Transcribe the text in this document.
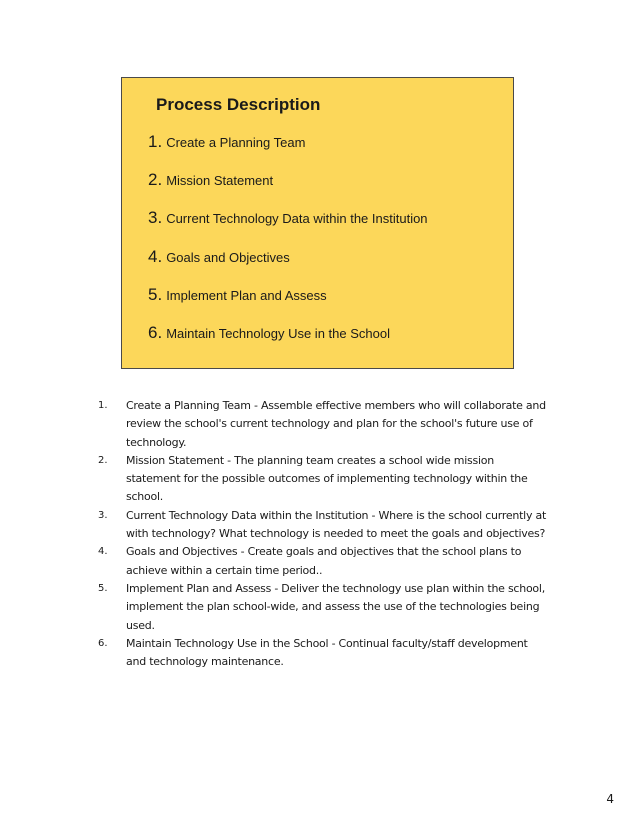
Process Description
1. Create a Planning Team
2. Mission Statement
3. Current Technology Data within the Institution
4. Goals and Objectives
5. Implement Plan and Assess
6. Maintain Technology Use in the School
1.	Create a Planning Team - Assemble effective members who will collaborate and review the school's current technology and plan for the school's future use of technology.
2.	Mission Statement - The planning team creates a school wide mission statement for the possible outcomes of implementing technology within the school.
3.	Current Technology Data within the Institution - Where is the school currently at with technology? What technology is needed to meet the goals and objectives?
4.	Goals and Objectives - Create goals and objectives that the school plans to achieve within a certain time period..
5.	Implement Plan and Assess - Deliver the technology use plan within the school, implement the plan school-wide, and assess the use of the technologies being used.
6.	Maintain Technology Use in the School - Continual faculty/staff development and technology maintenance.
4
